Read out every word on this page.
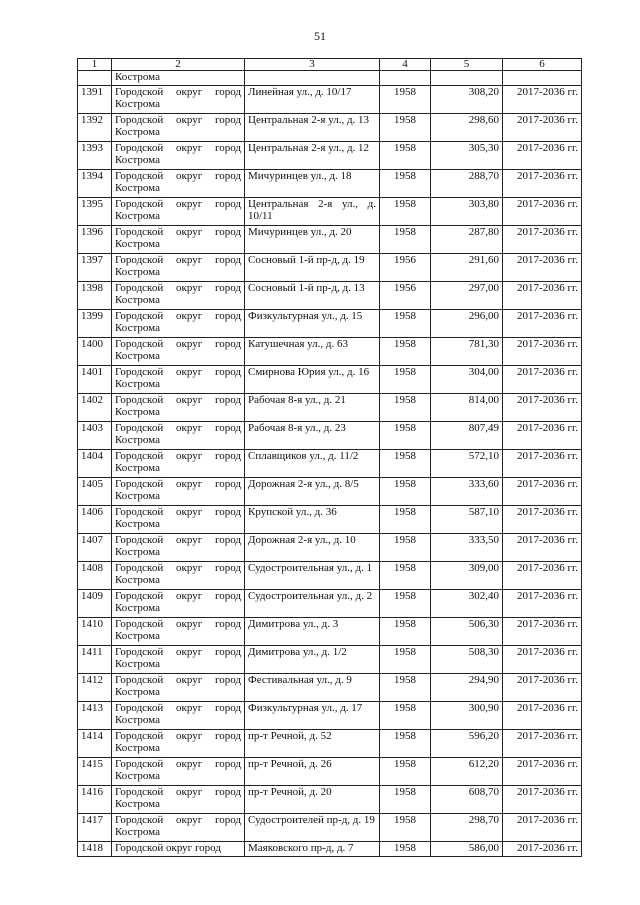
51
1	2	3	4	5	6
	Кострома				
1391	Городской округ город Кострома	Линейная ул., д. 10/17	1958	308,20	2017-2036 гг.
1392	Городской округ город Кострома	Центральная 2-я ул., д. 13	1958	298,60	2017-2036 гг.
1393	Городской округ город Кострома	Центральная 2-я ул., д. 12	1958	305,30	2017-2036 гг.
1394	Городской округ город Кострома	Мичуринцев ул., д. 18	1958	288,70	2017-2036 гг.
1395	Городской округ город Кострома	Центральная 2-я ул., д. 10/11	1958	303,80	2017-2036 гг.
1396	Городской округ город Кострома	Мичуринцев ул., д. 20	1958	287,80	2017-2036 гг.
1397	Городской округ город Кострома	Сосновый 1-й пр-д, д. 19	1956	291,60	2017-2036 гг.
1398	Городской округ город Кострома	Сосновый 1-й пр-д, д. 13	1956	297,00	2017-2036 гг.
1399	Городской округ город Кострома	Физкультурная ул., д. 15	1958	296,00	2017-2036 гг.
1400	Городской округ город Кострома	Катушечная ул., д. 63	1958	781,30	2017-2036 гг.
1401	Городской округ город Кострома	Смирнова Юрия ул., д. 16	1958	304,00	2017-2036 гг.
1402	Городской округ город Кострома	Рабочая 8-я ул., д. 21	1958	814,00	2017-2036 гг.
1403	Городской округ город Кострома	Рабочая 8-я ул., д. 23	1958	807,49	2017-2036 гг.
1404	Городской округ город Кострома	Сплавщиков ул., д. 11/2	1958	572,10	2017-2036 гг.
1405	Городской округ город Кострома	Дорожная 2-я ул., д. 8/5	1958	333,60	2017-2036 гг.
1406	Городской округ город Кострома	Крупской ул., д. 36	1958	587,10	2017-2036 гг.
1407	Городской округ город Кострома	Дорожная 2-я ул., д. 10	1958	333,50	2017-2036 гг.
1408	Городской округ город Кострома	Судостроительная ул., д. 1	1958	309,00	2017-2036 гг.
1409	Городской округ город Кострома	Судостроительная ул., д. 2	1958	302,40	2017-2036 гг.
1410	Городской округ город Кострома	Димитрова ул., д. 3	1958	506,30	2017-2036 гг.
1411	Городской округ город Кострома	Димитрова ул., д. 1/2	1958	508,30	2017-2036 гг.
1412	Городской округ город Кострома	Фестивальная ул., д. 9	1958	294,90	2017-2036 гг.
1413	Городской округ город Кострома	Физкультурная ул., д. 17	1958	300,90	2017-2036 гг.
1414	Городской округ город Кострома	пр-т Речной, д. 52	1958	596,20	2017-2036 гг.
1415	Городской округ город Кострома	пр-т Речной, д. 26	1958	612,20	2017-2036 гг.
1416	Городской округ город Кострома	пр-т Речной, д. 20	1958	608,70	2017-2036 гг.
1417	Городской округ город Кострома	Судостроителей пр-д, д. 19	1958	298,70	2017-2036 гг.
1418	Городской округ город	Маяковского пр-д, д. 7	1958	586,00	2017-2036 гг.
